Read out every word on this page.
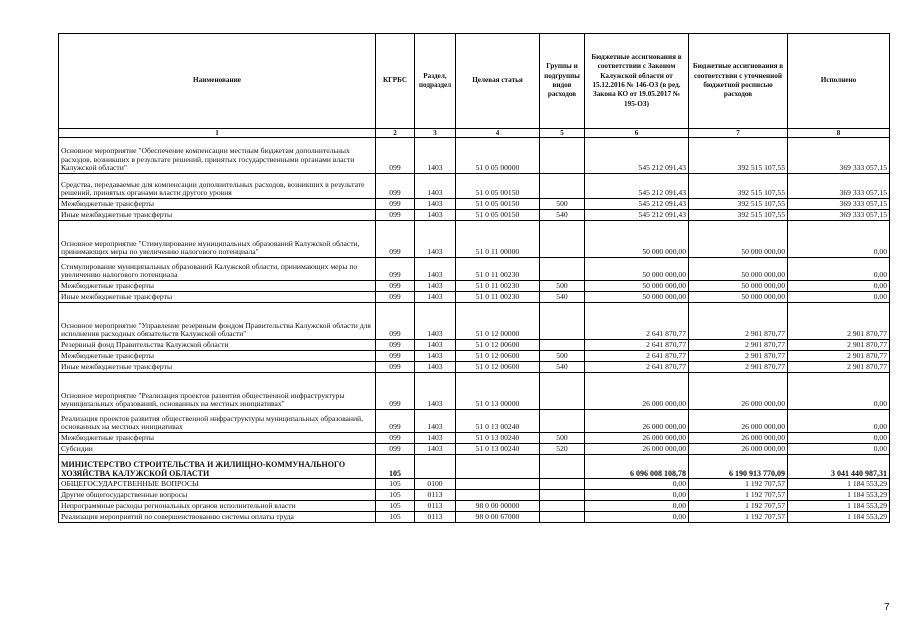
Наименование	КГРБС	Раздел, подраздел	Целевая статья	Группы и подгруппы видов расходов	Бюджетные ассигнования в соответствии с Законом Калужской области от 15.12.2016 № 146-ОЗ (в ред. Закона КО от 19.05.2017 № 195-ОЗ)	Бюджетные ассигнования в соответствии с уточненной бюджетной росписью расходов	Исполнено
1	2	3	4	5	6	7	8
Основное мероприятие "Обеспечение компенсации местным бюджетам дополнительных расходов, возникших в результате решений, принятых государственными органами власти Калужской области"	099	1403	51 0 05 00000		545 212 091,43	392 515 107,55	369 333 057,15
Средства, передаваемые для компенсации дополнительных расходов, возникших в результате решений, принятых органами власти другого уровня	099	1403	51 0 05 00150		545 212 091,43	392 515 107,55	369 333 057,15
Межбюджетные трансферты	099	1403	51 0 05 00150	500	545 212 091,43	392 515 107,55	369 333 057,15
Иные межбюджетные трансферты	099	1403	51 0 05 00150	540	545 212 091,43	392 515 107,55	369 333 057,15
Основное мероприятие "Стимулирование муниципальных образований Калужской области, принимающих меры по увеличению налогового потенциала"	099	1403	51 0 11 00000		50 000 000,00	50 000 000,00	0,00
Стимулирование муниципальных образований Калужской области, принимающих меры по увеличению налогового потенциала	099	1403	51 0 11 00230		50 000 000,00	50 000 000,00	0,00
Межбюджетные трансферты	099	1403	51 0 11 00230	500	50 000 000,00	50 000 000,00	0,00
Иные межбюджетные трансферты	099	1403	51 0 11 00230	540	50 000 000,00	50 000 000,00	0,00
Основное мероприятие "Управление резервным фондом Правительства Калужской области для исполнения расходных обязательств Калужской области"	099	1403	51 0 12 00000		2 641 870,77	2 901 870,77	2 901 870,77
Резервный фонд Правительства Калужской области	099	1403	51 0 12 00600		2 641 870,77	2 901 870,77	2 901 870,77
Межбюджетные трансферты	099	1403	51 0 12 00600	500	2 641 870,77	2 901 870,77	2 901 870,77
Иные межбюджетные трансферты	099	1403	51 0 12 00600	540	2 641 870,77	2 901 870,77	2 901 870,77
Основное мероприятие "Реализация проектов развития общественной инфраструктуры муниципальных образований, основанных на местных инициативах"	099	1403	51 0 13 00000		26 000 000,00	26 000 000,00	0,00
Реализация проектов развития общественной инфраструктуры муниципальных образований, основанных на местных инициативах	099	1403	51 0 13 00240		26 000 000,00	26 000 000,00	0,00
Межбюджетные трансферты	099	1403	51 0 13 00240	500	26 000 000,00	26 000 000,00	0,00
Субсидии	099	1403	51 0 13 00240	520	26 000 000,00	26 000 000,00	0,00
МИНИСТЕРСТВО СТРОИТЕЛЬСТВА И ЖИЛИЩНО-КОММУНАЛЬНОГО ХОЗЯЙСТВА КАЛУЖСКОЙ ОБЛАСТИ	105				6 096 008 108,78	6 190 913 770,09	3 041 440 987,31
ОБЩЕГОСУДАРСТВЕННЫЕ ВОПРОСЫ	105	0100			0,00	1 192 707,57	1 184 553,29
Другие общегосударственные вопросы	105	0113			0,00	1 192 707,57	1 184 553,29
Непрограммные расходы региональных органов исполнительной власти	105	0113	98 0 00 00000		0,00	1 192 707,57	1 184 553,29
Реализация мероприятий по совершенствованию системы оплаты труда	105	0113	98 0 00 67000		0,00	1 192 707,57	1 184 553,29
7
